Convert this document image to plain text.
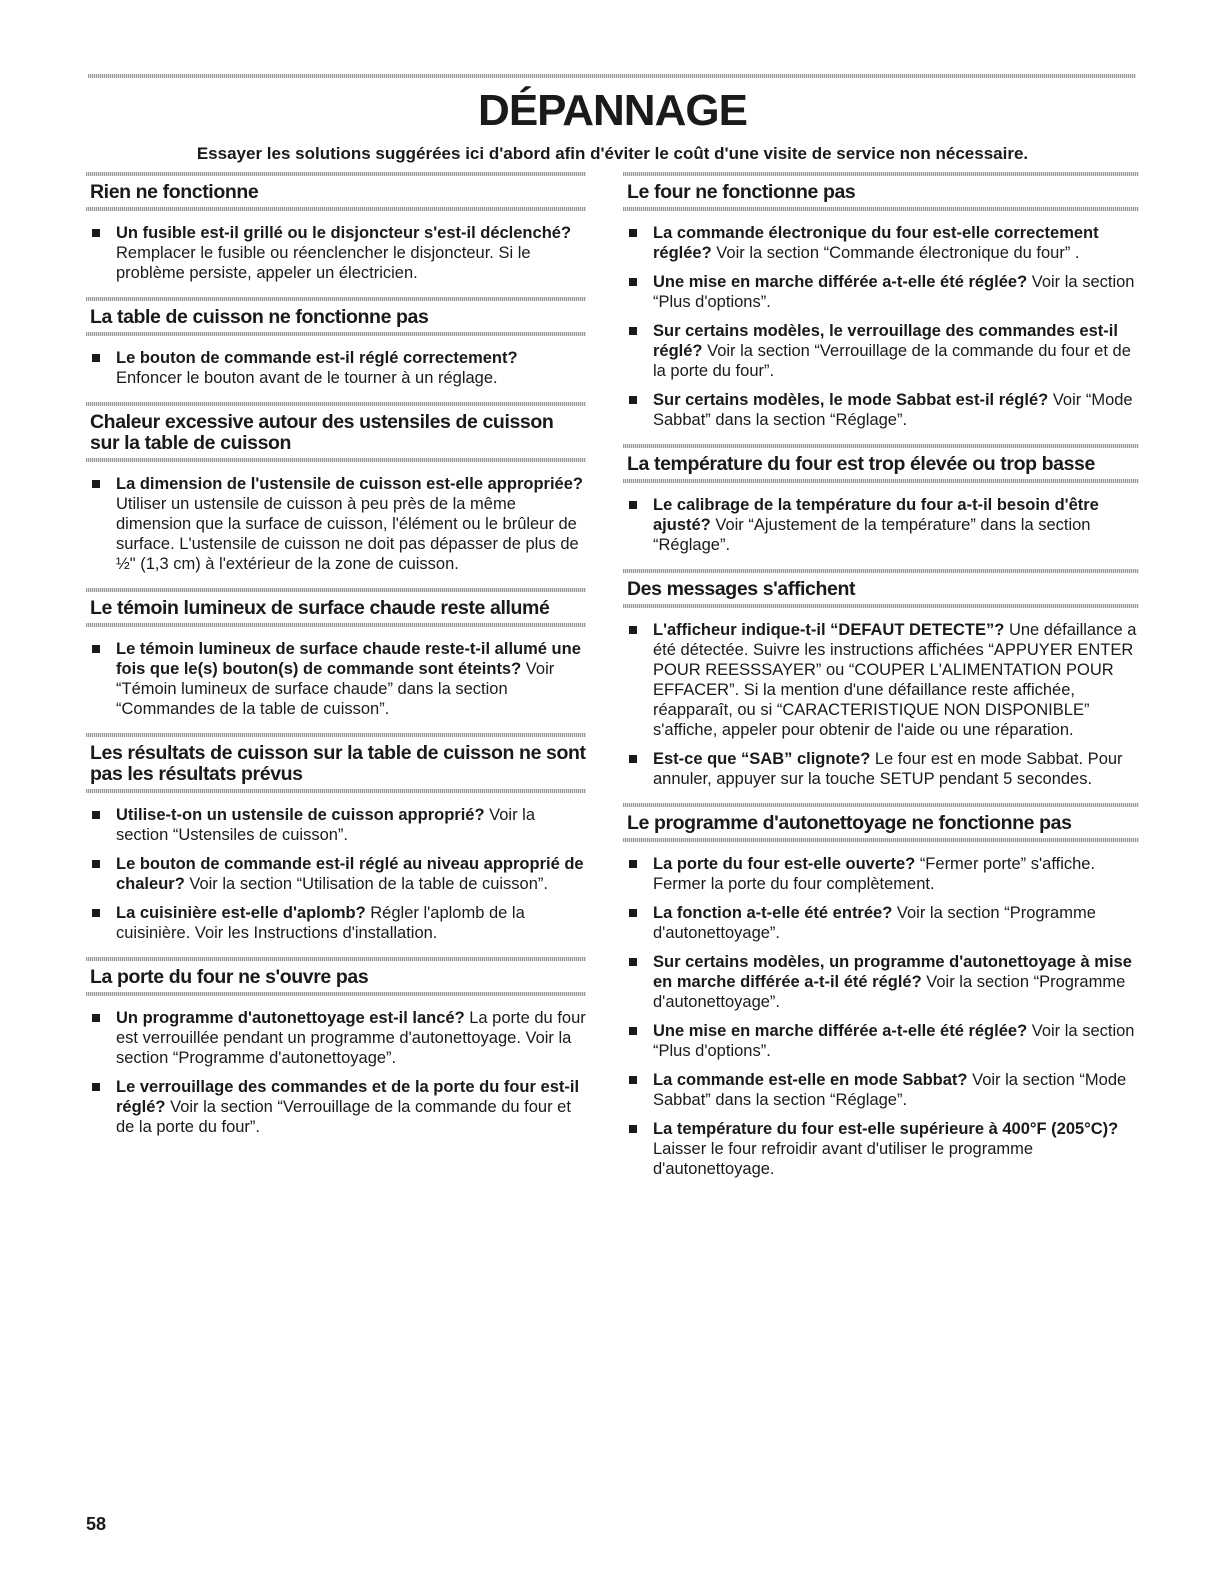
DÉPANNAGE

Essayer les solutions suggérées ici d'abord afin d'éviter le coût d'une visite de service non nécessaire.

Rien ne fonctionne
Un fusible est-il grillé ou le disjoncteur s'est-il déclenché? Remplacer le fusible ou réenclencher le disjoncteur. Si le problème persiste, appeler un électricien.
La table de cuisson ne fonctionne pas
Le bouton de commande est-il réglé correctement? Enfoncer le bouton avant de le tourner à un réglage.
Chaleur excessive autour des ustensiles de cuisson sur la table de cuisson
La dimension de l'ustensile de cuisson est-elle appropriée? Utiliser un ustensile de cuisson à peu près de la même dimension que la surface de cuisson, l'élément ou le brûleur de surface. L'ustensile de cuisson ne doit pas dépasser de plus de ½" (1,3 cm) à l'extérieur de la zone de cuisson.
Le témoin lumineux de surface chaude reste allumé
Le témoin lumineux de surface chaude reste-t-il allumé une fois que le(s) bouton(s) de commande sont éteints? Voir “Témoin lumineux de surface chaude” dans la section “Commandes de la table de cuisson”.
Les résultats de cuisson sur la table de cuisson ne sont pas les résultats prévus
Utilise-t-on un ustensile de cuisson approprié? Voir la section “Ustensiles de cuisson”.
Le bouton de commande est-il réglé au niveau approprié de chaleur? Voir la section “Utilisation de la table de cuisson”.
La cuisinière est-elle d'aplomb? Régler l'aplomb de la cuisinière. Voir les Instructions d'installation.
La porte du four ne s'ouvre pas
Un programme d'autonettoyage est-il lancé? La porte du four est verrouillée pendant un programme d'autonettoyage. Voir la section “Programme d'autonettoyage”.
Le verrouillage des commandes et de la porte du four est-il réglé? Voir la section “Verrouillage de la commande du four et de la porte du four”.
Le four ne fonctionne pas
La commande électronique du four est-elle correctement réglée? Voir la section “Commande électronique du four” .
Une mise en marche différée a-t-elle été réglée? Voir la section “Plus d'options”.
Sur certains modèles, le verrouillage des commandes est-il réglé? Voir la section “Verrouillage de la commande du four et de la porte du four”.
Sur certains modèles, le mode Sabbat est-il réglé? Voir “Mode Sabbat” dans la section “Réglage”.
La température du four est trop élevée ou trop basse
Le calibrage de la température du four a-t-il besoin d'être ajusté? Voir “Ajustement de la température” dans la section “Réglage”.
Des messages s'affichent
L'afficheur indique-t-il “DEFAUT DETECTE”? Une défaillance a été détectée. Suivre les instructions affichées “APPUYER ENTER POUR REESSSAYER” ou “COUPER L'ALIMENTATION POUR EFFACER”. Si la mention d'une défaillance reste affichée, réapparaît, ou si “CARACTERISTIQUE NON DISPONIBLE” s'affiche, appeler pour obtenir de l'aide ou une réparation.
Est-ce que “SAB” clignote? Le four est en mode Sabbat. Pour annuler, appuyer sur la touche SETUP pendant 5 secondes.
Le programme d'autonettoyage ne fonctionne pas
La porte du four est-elle ouverte? “Fermer porte” s'affiche. Fermer la porte du four complètement.
La fonction a-t-elle été entrée? Voir la section “Programme d'autonettoyage”.
Sur certains modèles, un programme d'autonettoyage à mise en marche différée a-t-il été réglé? Voir la section “Programme d'autonettoyage”.
Une mise en marche différée a-t-elle été réglée? Voir la section “Plus d'options”.
La commande est-elle en mode Sabbat? Voir la section “Mode Sabbat” dans la section “Réglage”.
La température du four est-elle supérieure à 400°F (205°C)? Laisser le four refroidir avant d'utiliser le programme d'autonettoyage.
58
